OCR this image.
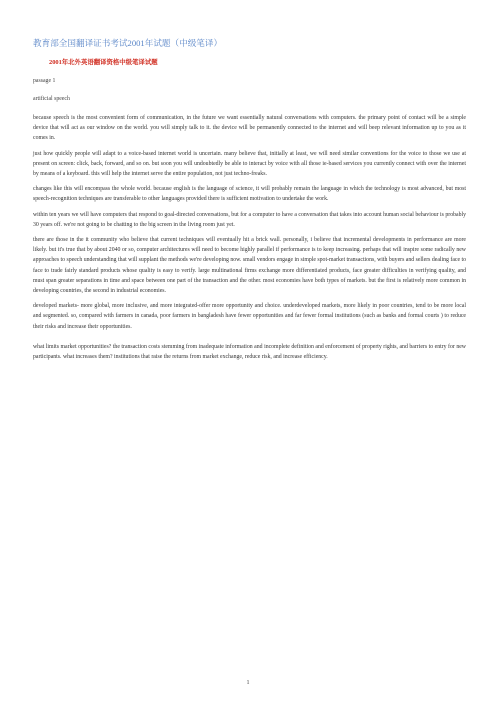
教育部全国翻译证书考试2001年试题（中级笔译）
2001年北外英语翻译资格中级笔译试题
passage 1
artificial speech
because speech is the most convenient form of communication, in the future we want essentially natural conversations with computers. the primary point of contact will be a simple device that will act as our window on the world. you will simply talk to it. the device will be permanently connected to the internet and will beep relevant information up to you as it comes in.
just how quickly people will adapt to a voice-based internet world is uncertain. many believe that, initially at least, we will need similar conventions for the voice to those we use at present on screen: click, back, forward, and so on. but soon you will undoubtedly be able to interact by voice with all those ie-based services you currently connect with over the internet by means of a keyboard. this will help the internet serve the entire population, not just techno-freaks.
changes like this will encompass the whole world. because english is the language of science, it will probably remain the language in which the technology is most advanced, but most speech-recognition techniques are transferable to other languages provided there is sufficient motivation to undertake the work.
within ten years we will have computers that respond to goal-directed conversations, but for a computer to have a conversation that takes into account human social behaviour is probably 30 years off. we're not going to be chatting to the big screen in the living room just yet.
there are those in the it community who believe that current techniques will eventually hit a brick wall. personally, i believe that incremental developments in performance are more likely. but it's true that by about 2040 or so, computer architectures will need to become highly parallel if performance is to keep increasing. perhaps that will inspire some radically new approaches to speech understanding that will supplant the methods we're developing now. small vendors engage in simple spot-market transactions, with buyers and sellers dealing face to face to trade fairly standard products whose quality is easy to verify. large multinational firms exchange more differentiated products, face greater difficulties in verifying quality, and must span greater separations in time and space between one part of the transaction and the other. most economies have both types of markets. but the first is relatively more common in developing countries, the second in industrial economies.
developed markets- more global, more inclusive, and more integrated-offer more opportunity and choice. underdeveloped markets, more likely in poor countries, tend to be more local and segmented. so, compared with farmers in canada, poor farmers in bangladesh have fewer opportunities and far fewer formal institutions (such as banks and formal courts ) to reduce their risks and increase their opportunities.
what limits market opportunities? the transaction costs stemming from inadequate information and incomplete definition and enforcement of property rights, and barriers to entry for new participants. what increases them? institutions that raise the returns from market exchange, reduce risk, and increase efficiency.
1
